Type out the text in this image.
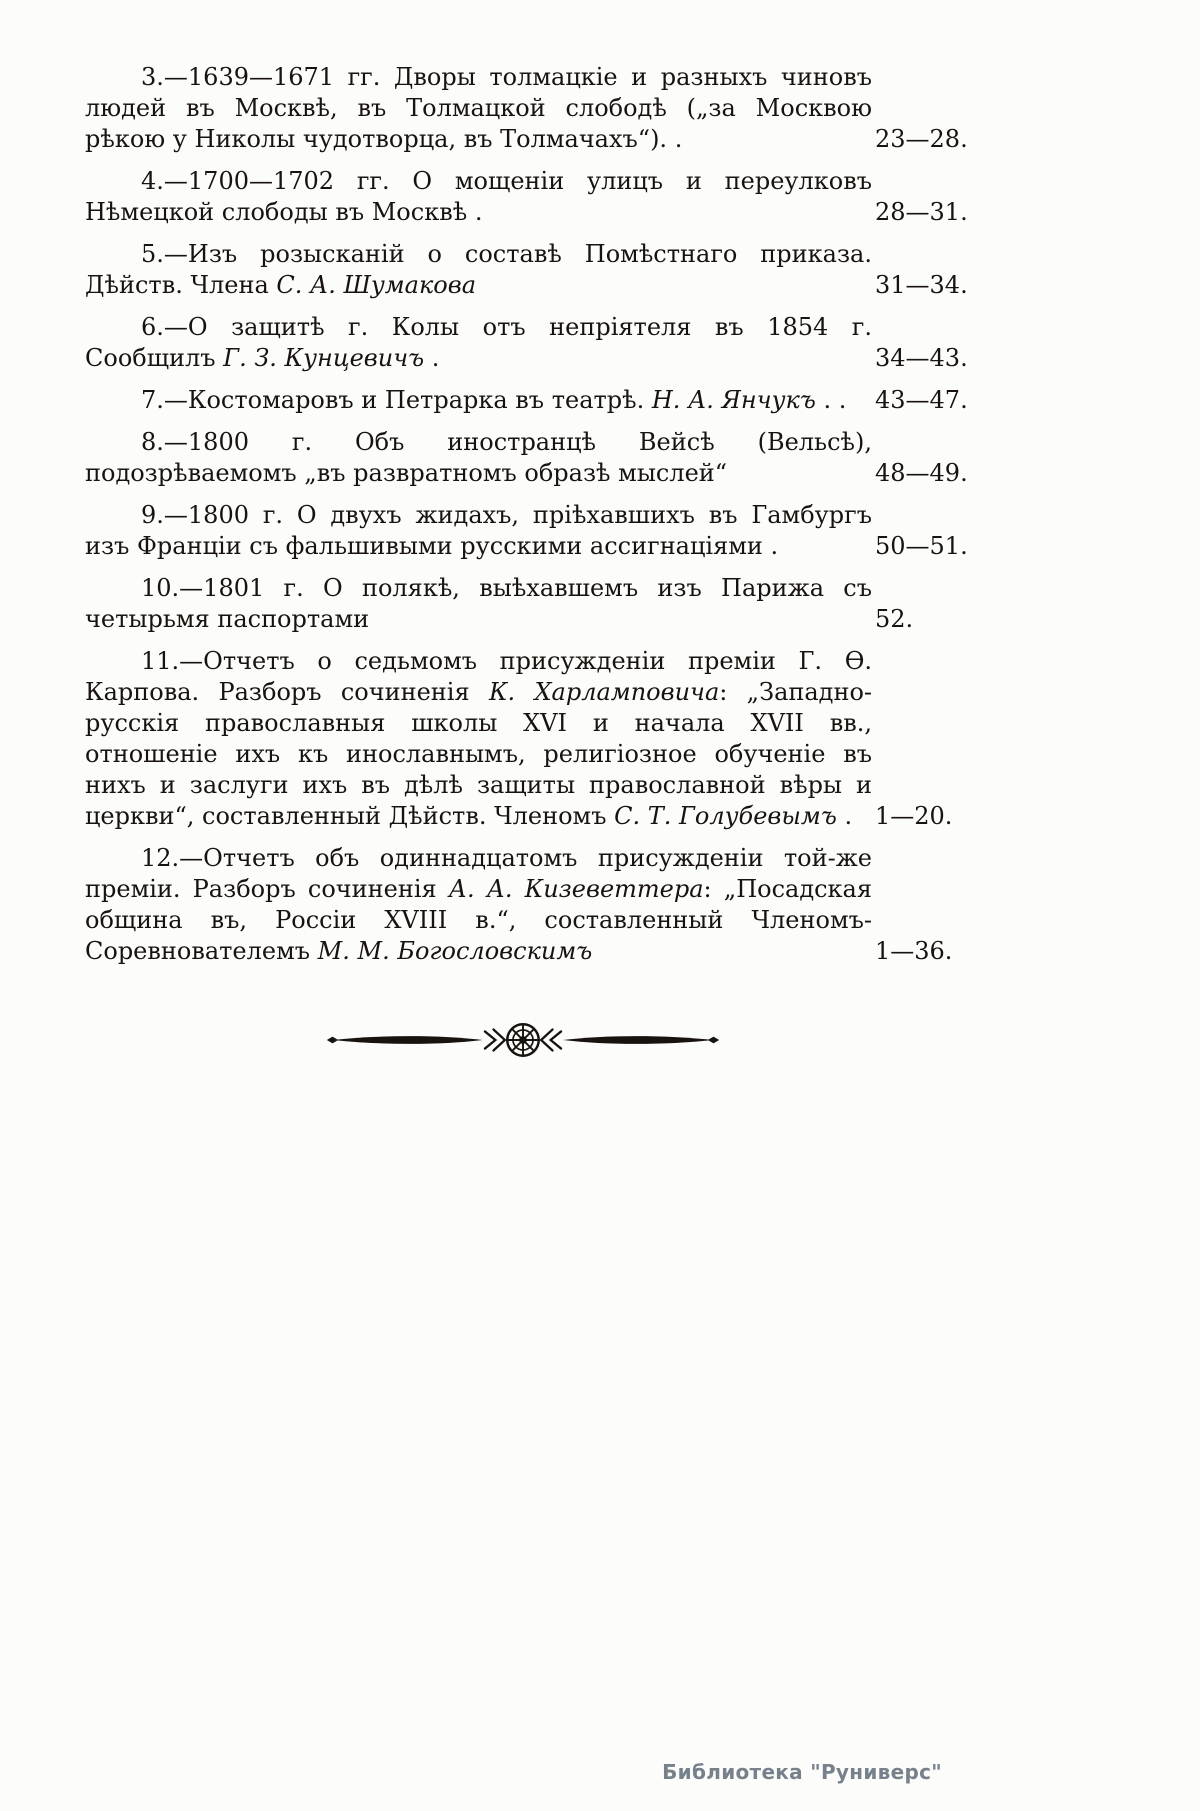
3.—1639—1671 гг. Дворы толмацкіе и разныхъ чиновъ людей въ Москвѣ, въ Толмацкой слободѣ („за Москвою рѣкою у Николы чудотворца, въ Толмачахъ“). .	23—28.

4.—1700—1702 гг. О мощеніи улицъ и переулковъ Нѣмецкой слободы въ Москвѣ .	28—31.

5.—Изъ розысканій о составѣ Помѣстнаго приказа. Дѣйств. Члена С. А. Шумакова	31—34.

6.—О защитѣ г. Колы отъ непріятеля въ 1854 г. Сообщилъ Г. З. Кунцевичъ .	34—43.

7.—Костомаровъ и Петрарка въ театрѣ. Н. А. Янчукъ . . 43—47.

8.—1800 г. Объ иностранцѣ Вейсѣ (Вельсѣ), подозрѣваемомъ „въ развратномъ образѣ мыслей“	48—49.

9.—1800 г. О двухъ жидахъ, пріѣхавшихъ въ Гамбургъ изъ Франціи съ фальшивыми русскими ассигнаціями .	50—51.

10.—1801 г. О полякѣ, выѣхавшемъ изъ Парижа съ четырьмя паспортами	52.

11.—Отчетъ о седьмомъ присужденіи преміи Г. Ѳ. Карпова. Разборъ сочиненія К. Харламповича: „Западно-русскія православныя школы XVI и начала XVII вв., отношеніе ихъ къ инославнымъ, религіозное обученіе въ нихъ и заслуги ихъ въ дѣлѣ защиты православной вѣры и церкви“, составленный Дѣйств. Членомъ С. Т. Голубевымъ . 1—20.

12.—Отчетъ объ одиннадцатомъ присужденіи той-же преміи. Разборъ сочиненія А. А. Кизеветтера: „Посадская община въ, Россіи XVIII в.“, составленный Членомъ-Соревнователемъ М. М. Богословскимъ	1—36.

Библиотека "Руниверс"
